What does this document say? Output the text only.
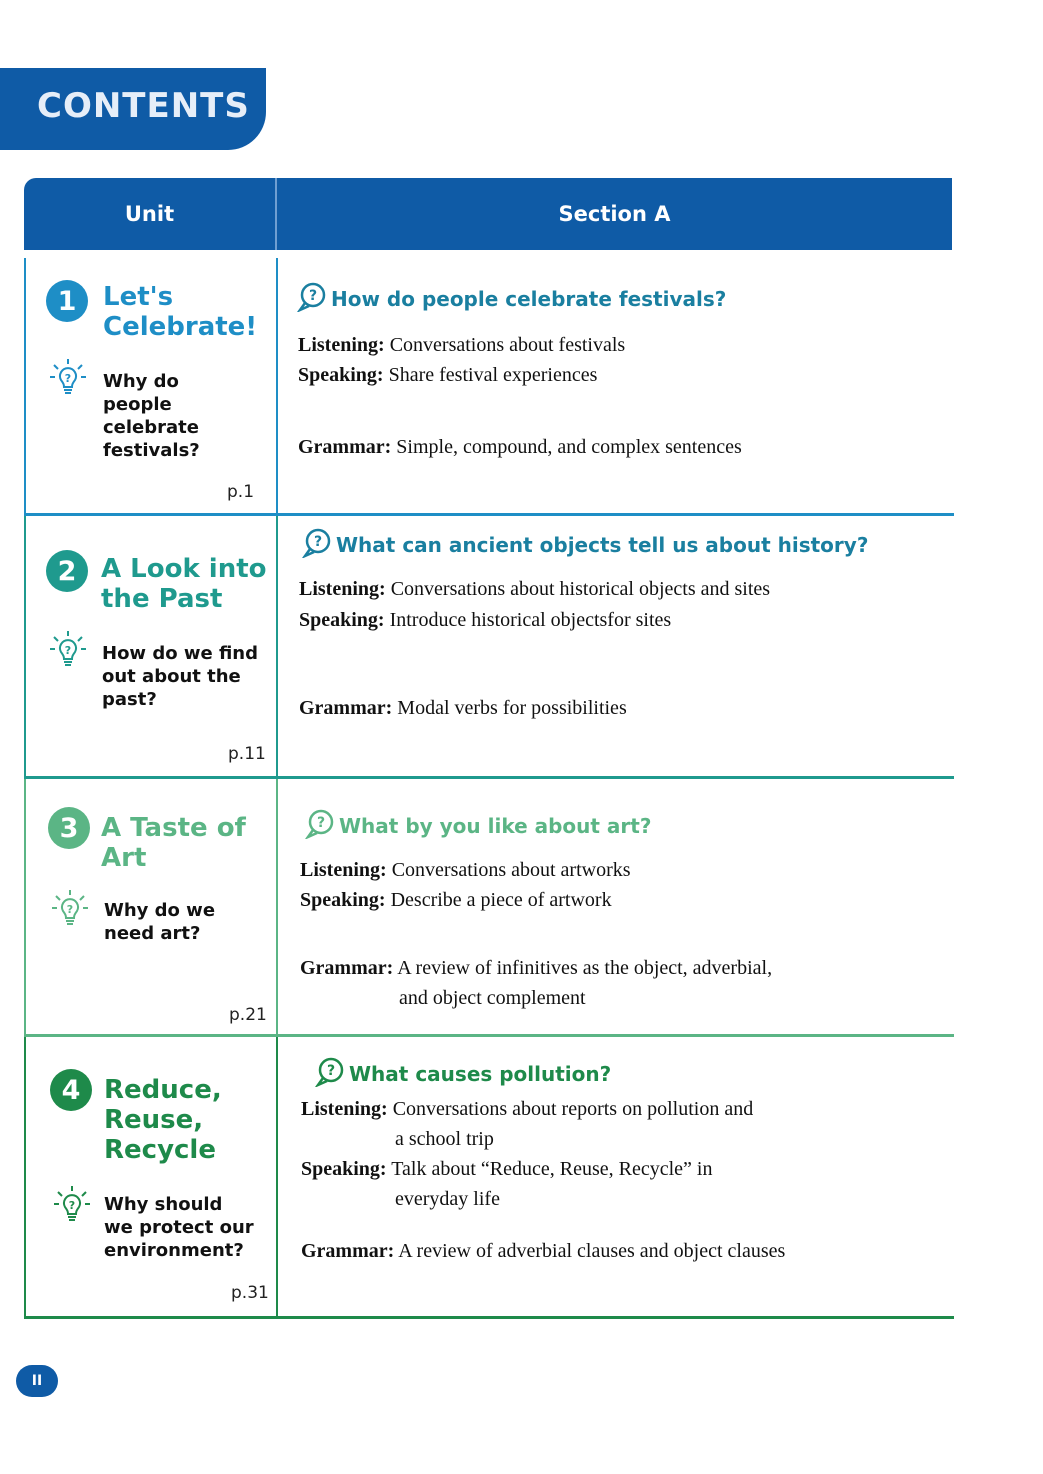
CONTENTS
Unit	Section A
1	Let's
Celebrate!
? Why do
people
celebrate
festivals?
p.1
? How do people celebrate festivals?
Listening: Conversations about festivals
Speaking: Share festival experiences
Grammar: Simple, compound, and complex sentences
2 A Look into
the Past
? How do we find
out about the
past?
p.11
? What can ancient objects tell us about history?
Listening: Conversations about historical objects and sites
Speaking: Introduce historical objectsfor sites
Grammar: Modal verbs for possibilities
3 A Taste of
Art
? Why do we
need art?
p.21
? What by you like about art?
Listening: Conversations about artworks
Speaking: Describe a piece of artwork
Grammar: A review of infinitives as the object, adverbial,
and object complement
4 Reduce,
Reuse,
Recycle
? Why should
we protect our
environment?
p.31
? What causes pollution?
Listening: Conversations about reports on pollution and
a school trip
Speaking: Talk about “Reduce, Reuse, Recycle” in
everyday life
Grammar: A review of adverbial clauses and object clauses
II
